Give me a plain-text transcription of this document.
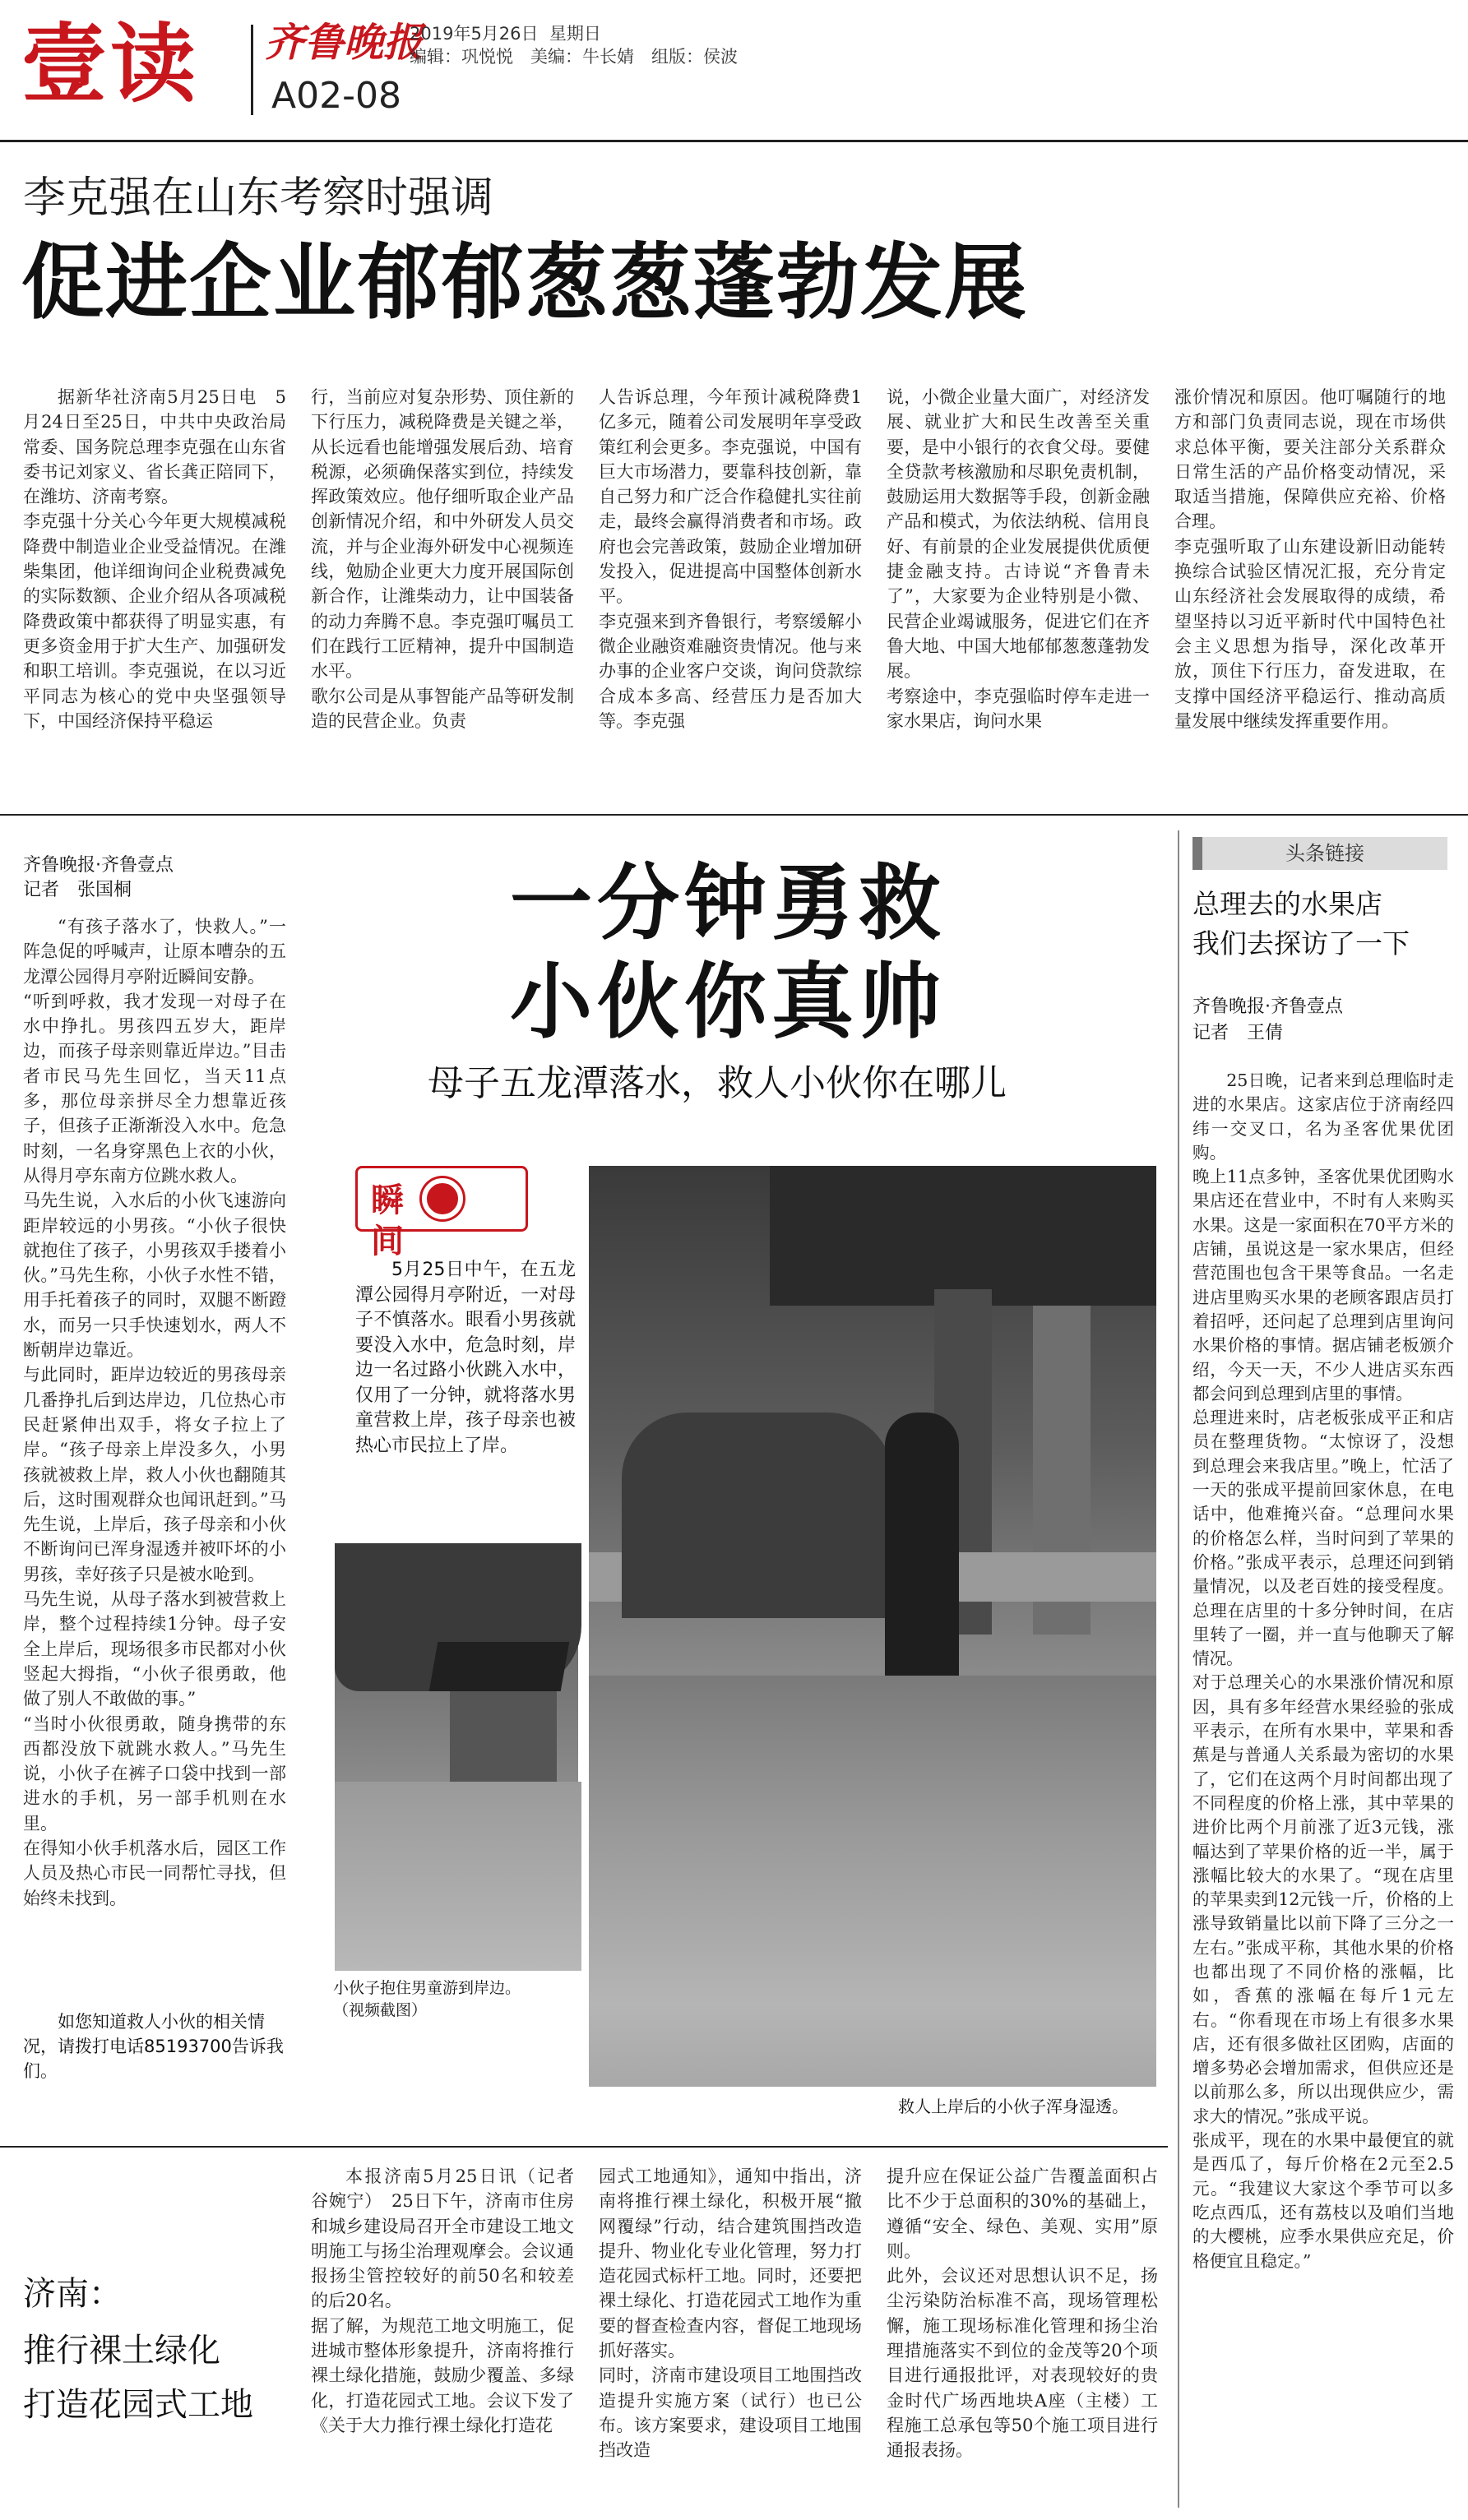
壹读 齐鲁晚报
2019年5月26日 星期日
编辑：巩悦悦　美编：牛长婧　组版：侯波
A02-08
李克强在山东考察时强调
促进企业郁郁葱葱蓬勃发展

据新华社济南5月25日电　5月24日至25日，中共中央政治局常委、国务院总理李克强在山东省委书记刘家义、省长龚正陪同下，在潍坊、济南考察。
李克强十分关心今年更大规模减税降费中制造业企业受益情况。在潍柴集团，他详细询问企业税费减免的实际数额、企业介绍从各项减税降费政策中都获得了明显实惠，有更多资金用于扩大生产、加强研发和职工培训。李克强说，在以习近平同志为核心的党中央坚强领导下，中国经济保持平稳运

行，当前应对复杂形势、顶住新的下行压力，减税降费是关键之举，从长远看也能增强发展后劲、培育税源，必须确保落实到位，持续发挥政策效应。他仔细听取企业产品创新情况介绍，和中外研发人员交流，并与企业海外研发中心视频连线，勉励企业更大力度开展国际创新合作，让潍柴动力，让中国装备的动力奔腾不息。李克强叮嘱员工们在践行工匠精神，提升中国制造水平。
歌尔公司是从事智能产品等研发制造的民营企业。负责

人告诉总理，今年预计减税降费1亿多元，随着公司发展明年享受政策红利会更多。李克强说，中国有巨大市场潜力，要靠科技创新，靠自己努力和广泛合作稳健扎实往前走，最终会赢得消费者和市场。政府也会完善政策，鼓励企业增加研发投入，促进提高中国整体创新水平。
李克强来到齐鲁银行，考察缓解小微企业融资难融资贵情况。他与来办事的企业客户交谈，询问贷款综合成本多高、经营压力是否加大等。李克强

说，小微企业量大面广，对经济发展、就业扩大和民生改善至关重要，是中小银行的衣食父母。要健全贷款考核激励和尽职免责机制，鼓励运用大数据等手段，创新金融产品和模式，为依法纳税、信用良好、有前景的企业发展提供优质便捷金融支持。古诗说“齐鲁青未了”，大家要为企业特别是小微、民营企业竭诚服务，促进它们在齐鲁大地、中国大地郁郁葱葱蓬勃发展。
考察途中，李克强临时停车走进一家水果店，询问水果

涨价情况和原因。他叮嘱随行的地方和部门负责同志说，现在市场供求总体平衡，要关注部分关系群众日常生活的产品价格变动情况，采取适当措施，保障供应充裕、价格合理。
李克强听取了山东建设新旧动能转换综合试验区情况汇报，充分肯定山东经济社会发展取得的成绩，希望坚持以习近平新时代中国特色社会主义思想为指导，深化改革开放，顶住下行压力，奋发进取，在支撑中国经济平稳运行、推动高质量发展中继续发挥重要作用。

齐鲁晚报·齐鲁壹点
记者　张国桐

“有孩子落水了，快救人。”一阵急促的呼喊声，让原本嘈杂的五龙潭公园得月亭附近瞬间安静。
“听到呼救，我才发现一对母子在水中挣扎。男孩四五岁大，距岸边，而孩子母亲则靠近岸边。”目击者市民马先生回忆，当天11点多，那位母亲拼尽全力想靠近孩子，但孩子正渐渐没入水中。危急时刻，一名身穿黑色上衣的小伙，从得月亭东南方位跳水救人。
马先生说，入水后的小伙飞速游向距岸较远的小男孩。“小伙子很快就抱住了孩子，小男孩双手搂着小伙。”马先生称，小伙子水性不错，用手托着孩子的同时，双腿不断蹬水，而另一只手快速划水，两人不断朝岸边靠近。
与此同时，距岸边较近的男孩母亲几番挣扎后到达岸边，几位热心市民赶紧伸出双手，将女子拉上了岸。“孩子母亲上岸没多久，小男孩就被救上岸，救人小伙也翻随其后，这时围观群众也闻讯赶到。”马先生说，上岸后，孩子母亲和小伙不断询问已浑身湿透并被吓坏的小男孩，幸好孩子只是被水呛到。
马先生说，从母子落水到被营救上岸，整个过程持续1分钟。母子安全上岸后，现场很多市民都对小伙竖起大拇指，“小伙子很勇敢，他做了别人不敢做的事。”
“当时小伙很勇敢，随身携带的东西都没放下就跳水救人。”马先生说，小伙子在裤子口袋中找到一部进水的手机，另一部手机则在水里。
在得知小伙手机落水后，园区工作人员及热心市民一同帮忙寻找，但始终未找到。

如您知道救人小伙的相关情况，请拨打电话85193700告诉我们。
一分钟勇救
小伙你真帅
母子五龙潭落水，救人小伙你在哪儿
瞬间
5月25日中午，在五龙潭公园得月亭附近，一对母子不慎落水。眼看小男孩就要没入水中，危急时刻，岸边一名过路小伙跳入水中，仅用了一分钟，就将落水男童营救上岸，孩子母亲也被热心市民拉上了岸。
救人上岸后的小伙子浑身湿透。
小伙子抱住男童游到岸边。
（视频截图）
头条链接
总理去的水果店
我们去探访了一下
齐鲁晚报·齐鲁壹点
记者　王倩

25日晚，记者来到总理临时走进的水果店。这家店位于济南经四纬一交叉口，名为圣客优果优团购。
晚上11点多钟，圣客优果优团购水果店还在营业中，不时有人来购买水果。这是一家面积在70平方米的店铺，虽说这是一家水果店，但经营范围也包含干果等食品。一名走进店里购买水果的老顾客跟店员打着招呼，还问起了总理到店里询问水果价格的事情。据店铺老板颁介绍，今天一天，不少人进店买东西都会问到总理到店里的事情。
总理进来时，店老板张成平正和店员在整理货物。“太惊讶了，没想到总理会来我店里。”晚上，忙活了一天的张成平提前回家休息，在电话中，他难掩兴奋。“总理问水果的价格怎么样，当时问到了苹果的价格。”张成平表示，总理还问到销量情况，以及老百姓的接受程度。总理在店里的十多分钟时间，在店里转了一圈，并一直与他聊天了解情况。
对于总理关心的水果涨价情况和原因，具有多年经营水果经验的张成平表示，在所有水果中，苹果和香蕉是与普通人关系最为密切的水果了，它们在这两个月时间都出现了不同程度的价格上涨，其中苹果的进价比两个月前涨了近3元钱，涨幅达到了苹果价格的近一半，属于涨幅比较大的水果了。“现在店里的苹果卖到12元钱一斤，价格的上涨导致销量比以前下降了三分之一左右。”张成平称，其他水果的价格也都出现了不同价格的涨幅，比如，香蕉的涨幅在每斤1元左右。“你看现在市场上有很多水果店，还有很多做社区团购，店面的增多势必会增加需求，但供应还是以前那么多，所以出现供应少，需求大的情况。”张成平说。
张成平，现在的水果中最便宜的就是西瓜了，每斤价格在2元至2.5元。“我建议大家这个季节可以多吃点西瓜，还有荔枝以及咱们当地的大樱桃，应季水果供应充足，价格便宜且稳定。”

济南：
推行裸土绿化
打造花园式工地

本报济南5月25日讯（记者　谷婉宁）　25日下午，济南市住房和城乡建设局召开全市建设工地文明施工与扬尘治理观摩会。会议通报扬尘管控较好的前50名和较差的后20名。
据了解，为规范工地文明施工，促进城市整体形象提升，济南将推行裸土绿化措施，鼓励少覆盖、多绿化，打造花园式工地。会议下发了《关于大力推行裸土绿化打造花

园式工地通知》，通知中指出，济南将推行裸土绿化，积极开展“撤网覆绿”行动，结合建筑围挡改造提升、物业化专业化管理，努力打造花园式标杆工地。同时，还要把裸土绿化、打造花园式工地作为重要的督查检查内容，督促工地现场抓好落实。
同时，济南市建设项目工地围挡改造提升实施方案（试行）也已公布。该方案要求，建设项目工地围挡改造

提升应在保证公益广告覆盖面积占比不少于总面积的30%的基础上，遵循“安全、绿色、美观、实用”原则。
此外，会议还对思想认识不足，扬尘污染防治标准不高，现场管理松懈，施工现场标准化管理和扬尘治理措施落实不到位的金茂等20个项目进行通报批评，对表现较好的贵金时代广场西地块A座（主楼）工程施工总承包等50个施工项目进行通报表扬。
